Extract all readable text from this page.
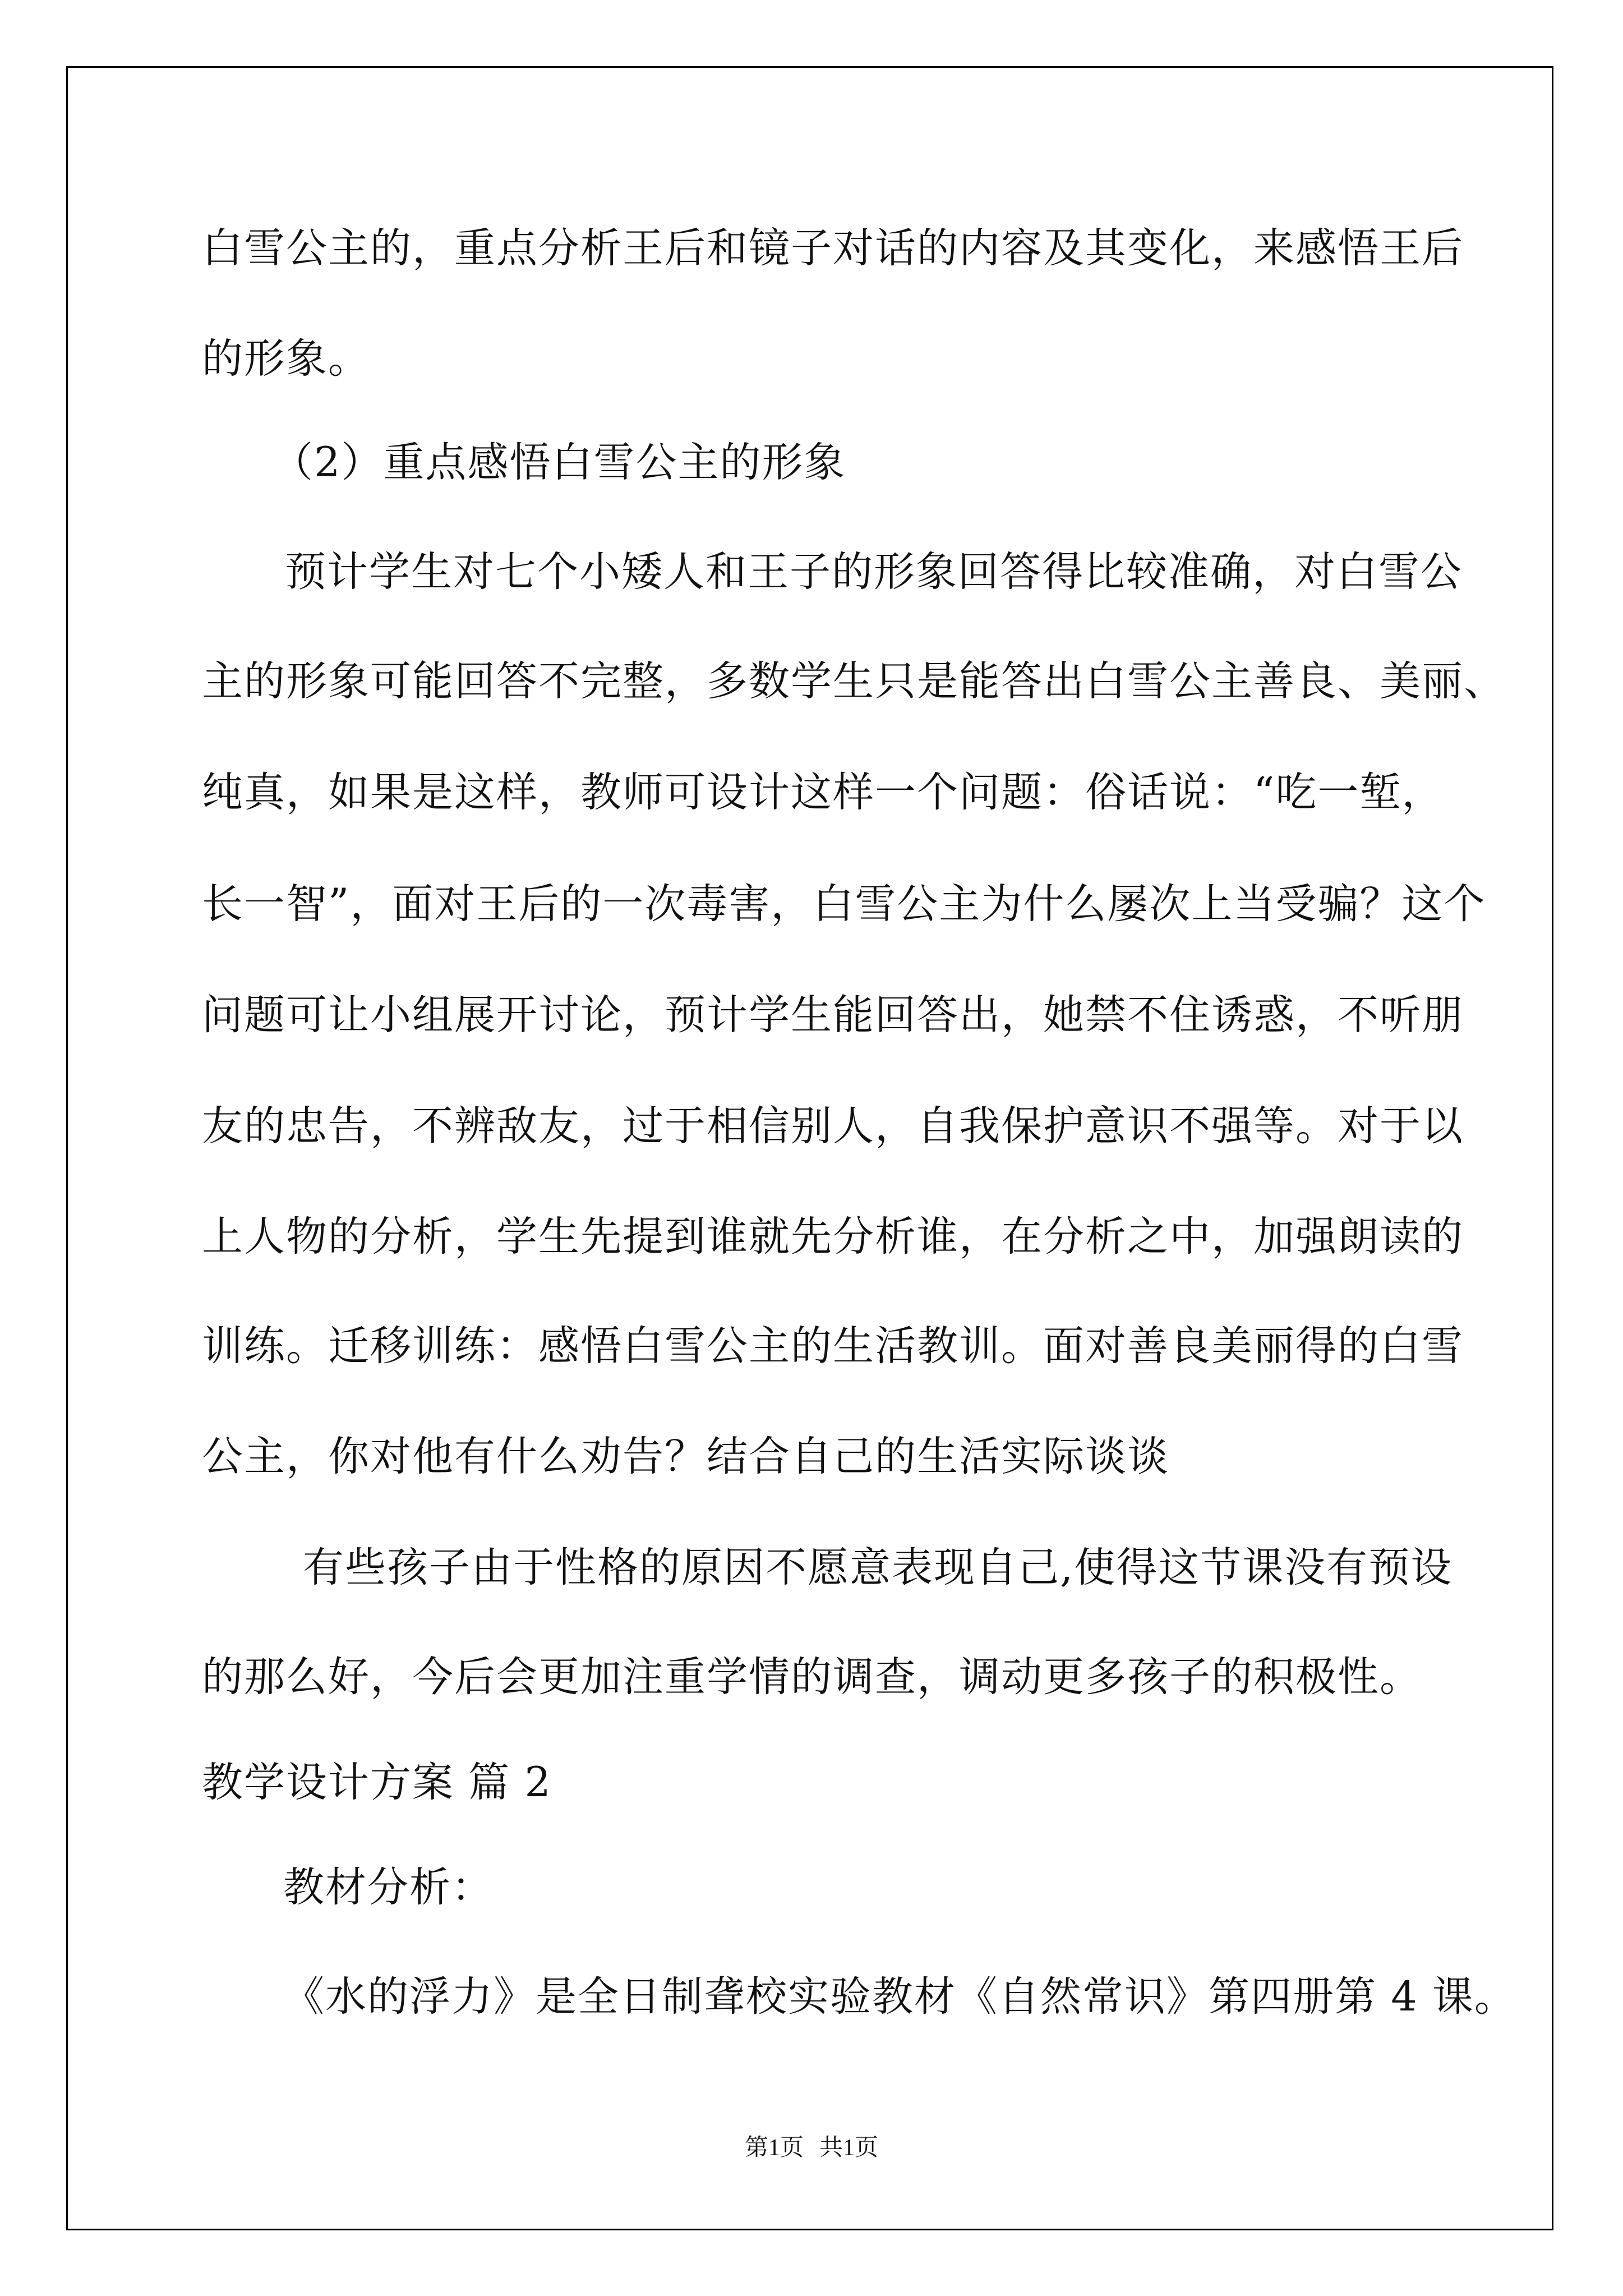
白雪公主的，重点分析王后和镜子对话的内容及其变化，来感悟王后

的形象。

（2）重点感悟白雪公主的形象

预计学生对七个小矮人和王子的形象回答得比较准确，对白雪公

主的形象可能回答不完整，多数学生只是能答出白雪公主善良、美丽、

纯真，如果是这样，教师可设计这样一个问题：俗话说：“吃一堑，

长一智”，面对王后的一次毒害，白雪公主为什么屡次上当受骗？这个

问题可让小组展开讨论，预计学生能回答出，她禁不住诱惑，不听朋

友的忠告，不辨敌友，过于相信别人，自我保护意识不强等。对于以

上人物的分析，学生先提到谁就先分析谁，在分析之中，加强朗读的

训练。迁移训练：感悟白雪公主的生活教训。面对善良美丽得的白雪

公主，你对他有什么劝告？结合自己的生活实际谈谈

有些孩子由于性格的原因不愿意表现自己,使得这节课没有预设

的那么好，今后会更加注重学情的调查，调动更多孩子的积极性。

教学设计方案 篇 2

教材分析：

《水的浮力》是全日制聋校实验教材《自然常识》第四册第 4 课。

第1页 共1页
